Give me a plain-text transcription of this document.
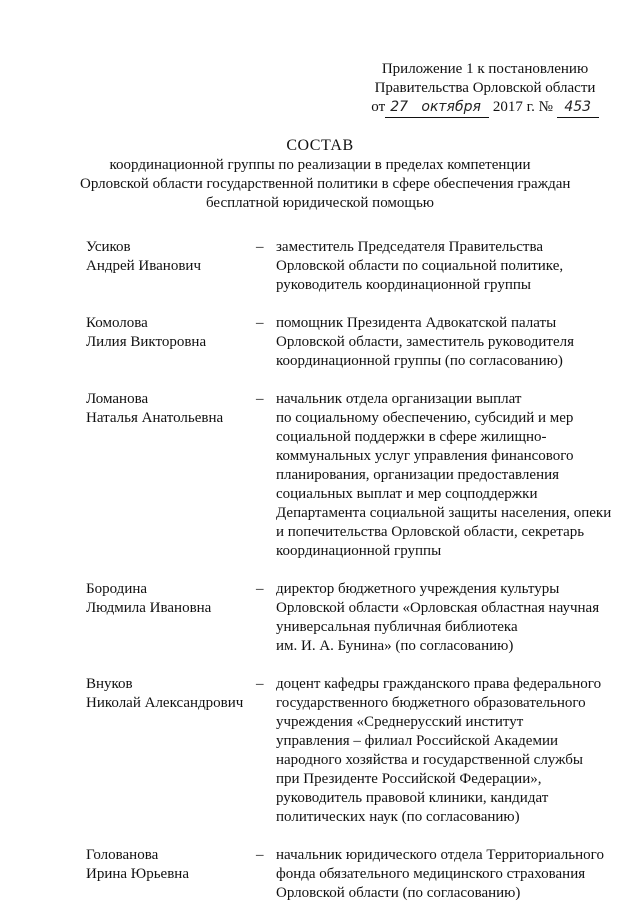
Приложение 1 к постановлению
Правительства Орловской области
от 27 октября 2017 г. № 453
СОСТАВ
координационной группы по реализации в пределах компетенции
Орловской области государственной политики в сфере обеспечения граждан
бесплатной юридической помощью
Усиков
Андрей Иванович
– заместитель Председателя Правительства
Орловской области по социальной политике,
руководитель координационной группы
Комолова
Лилия Викторовна
– помощник Президента Адвокатской палаты
Орловской области, заместитель руководителя
координационной группы (по согласованию)
Ломанова
Наталья Анатольевна
– начальник отдела организации выплат
по социальному обеспечению, субсидий и мер
социальной поддержки в сфере жилищно-
коммунальных услуг управления финансового
планирования, организации предоставления
социальных выплат и мер соцподдержки
Департамента социальной защиты населения, опеки
и попечительства Орловской области, секретарь
координационной группы
Бородина
Людмила Ивановна
– директор бюджетного учреждения культуры
Орловской области «Орловская областная научная
универсальная публичная библиотека
им. И. А. Бунина» (по согласованию)
Внуков
Николай Александрович
– доцент кафедры гражданского права федерального
государственного бюджетного образовательного
учреждения «Среднерусский институт
управления – филиал Российской Академии
народного хозяйства и государственной службы
при Президенте Российской Федерации»,
руководитель правовой клиники, кандидат
политических наук (по согласованию)
Голованова
Ирина Юрьевна
– начальник юридического отдела Территориального
фонда обязательного медицинского страхования
Орловской области (по согласованию)
